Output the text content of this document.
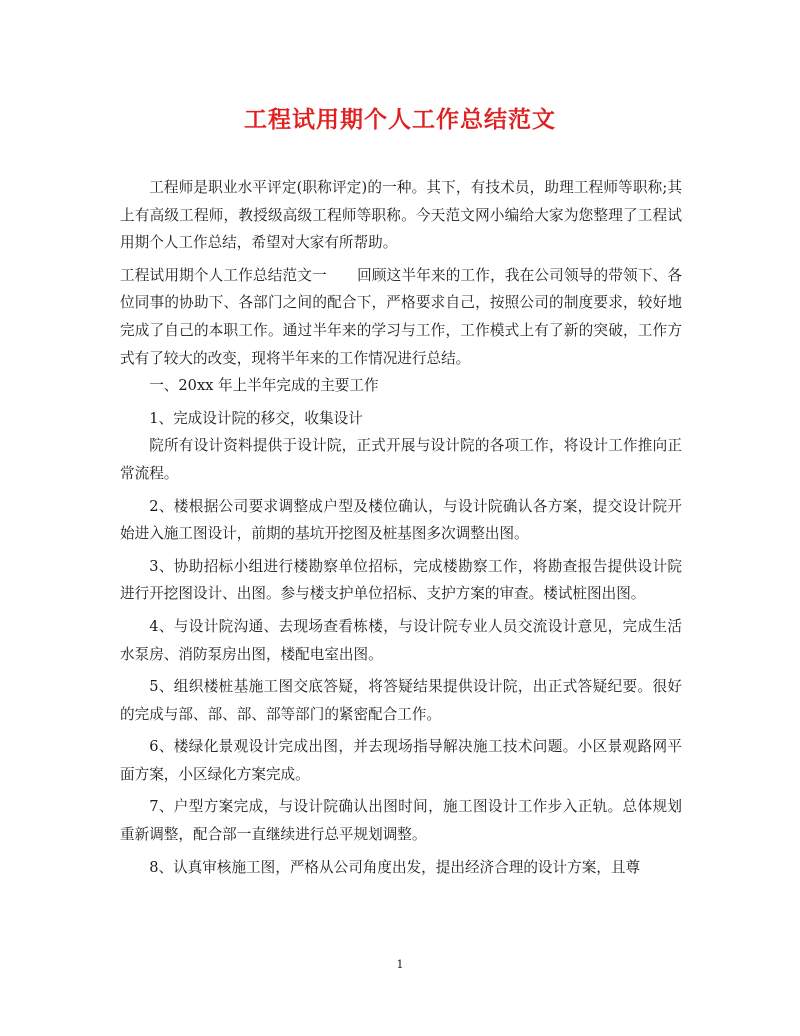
工程试用期个人工作总结范文

工程师是职业水平评定(职称评定)的一种。其下，有技术员，助理工程师等职称;其上有高级工程师，教授级高级工程师等职称。今天范文网小编给大家为您整理了工程试用期个人工作总结，希望对大家有所帮助。

工程试用期个人工作总结范文一 回顾这半年来的工作，我在公司领导的带领下、各位同事的协助下、各部门之间的配合下，严格要求自己，按照公司的制度要求，较好地完成了自己的本职工作。通过半年来的学习与工作，工作模式上有了新的突破，工作方式有了较大的改变，现将半年来的工作情况进行总结。

一、20xx 年上半年完成的主要工作

1、完成设计院的移交，收集设计

院所有设计资料提供于设计院，正式开展与设计院的各项工作，将设计工作推向正常流程。

2、楼根据公司要求调整成户型及楼位确认，与设计院确认各方案，提交设计院开始进入施工图设计，前期的基坑开挖图及桩基图多次调整出图。

3、协助招标小组进行楼勘察单位招标，完成楼勘察工作，将勘查报告提供设计院进行开挖图设计、出图。参与楼支护单位招标、支护方案的审查。楼试桩图出图。

4、与设计院沟通、去现场查看栋楼，与设计院专业人员交流设计意见，完成生活水泵房、消防泵房出图，楼配电室出图。

5、组织楼桩基施工图交底答疑，将答疑结果提供设计院，出正式答疑纪要。很好的完成与部、部、部、部等部门的紧密配合工作。

6、楼绿化景观设计完成出图，并去现场指导解决施工技术问题。小区景观路网平面方案，小区绿化方案完成。

7、户型方案完成，与设计院确认出图时间，施工图设计工作步入正轨。总体规划重新调整，配合部一直继续进行总平规划调整。

8、认真审核施工图，严格从公司角度出发，提出经济合理的设计方案，且尊

1
